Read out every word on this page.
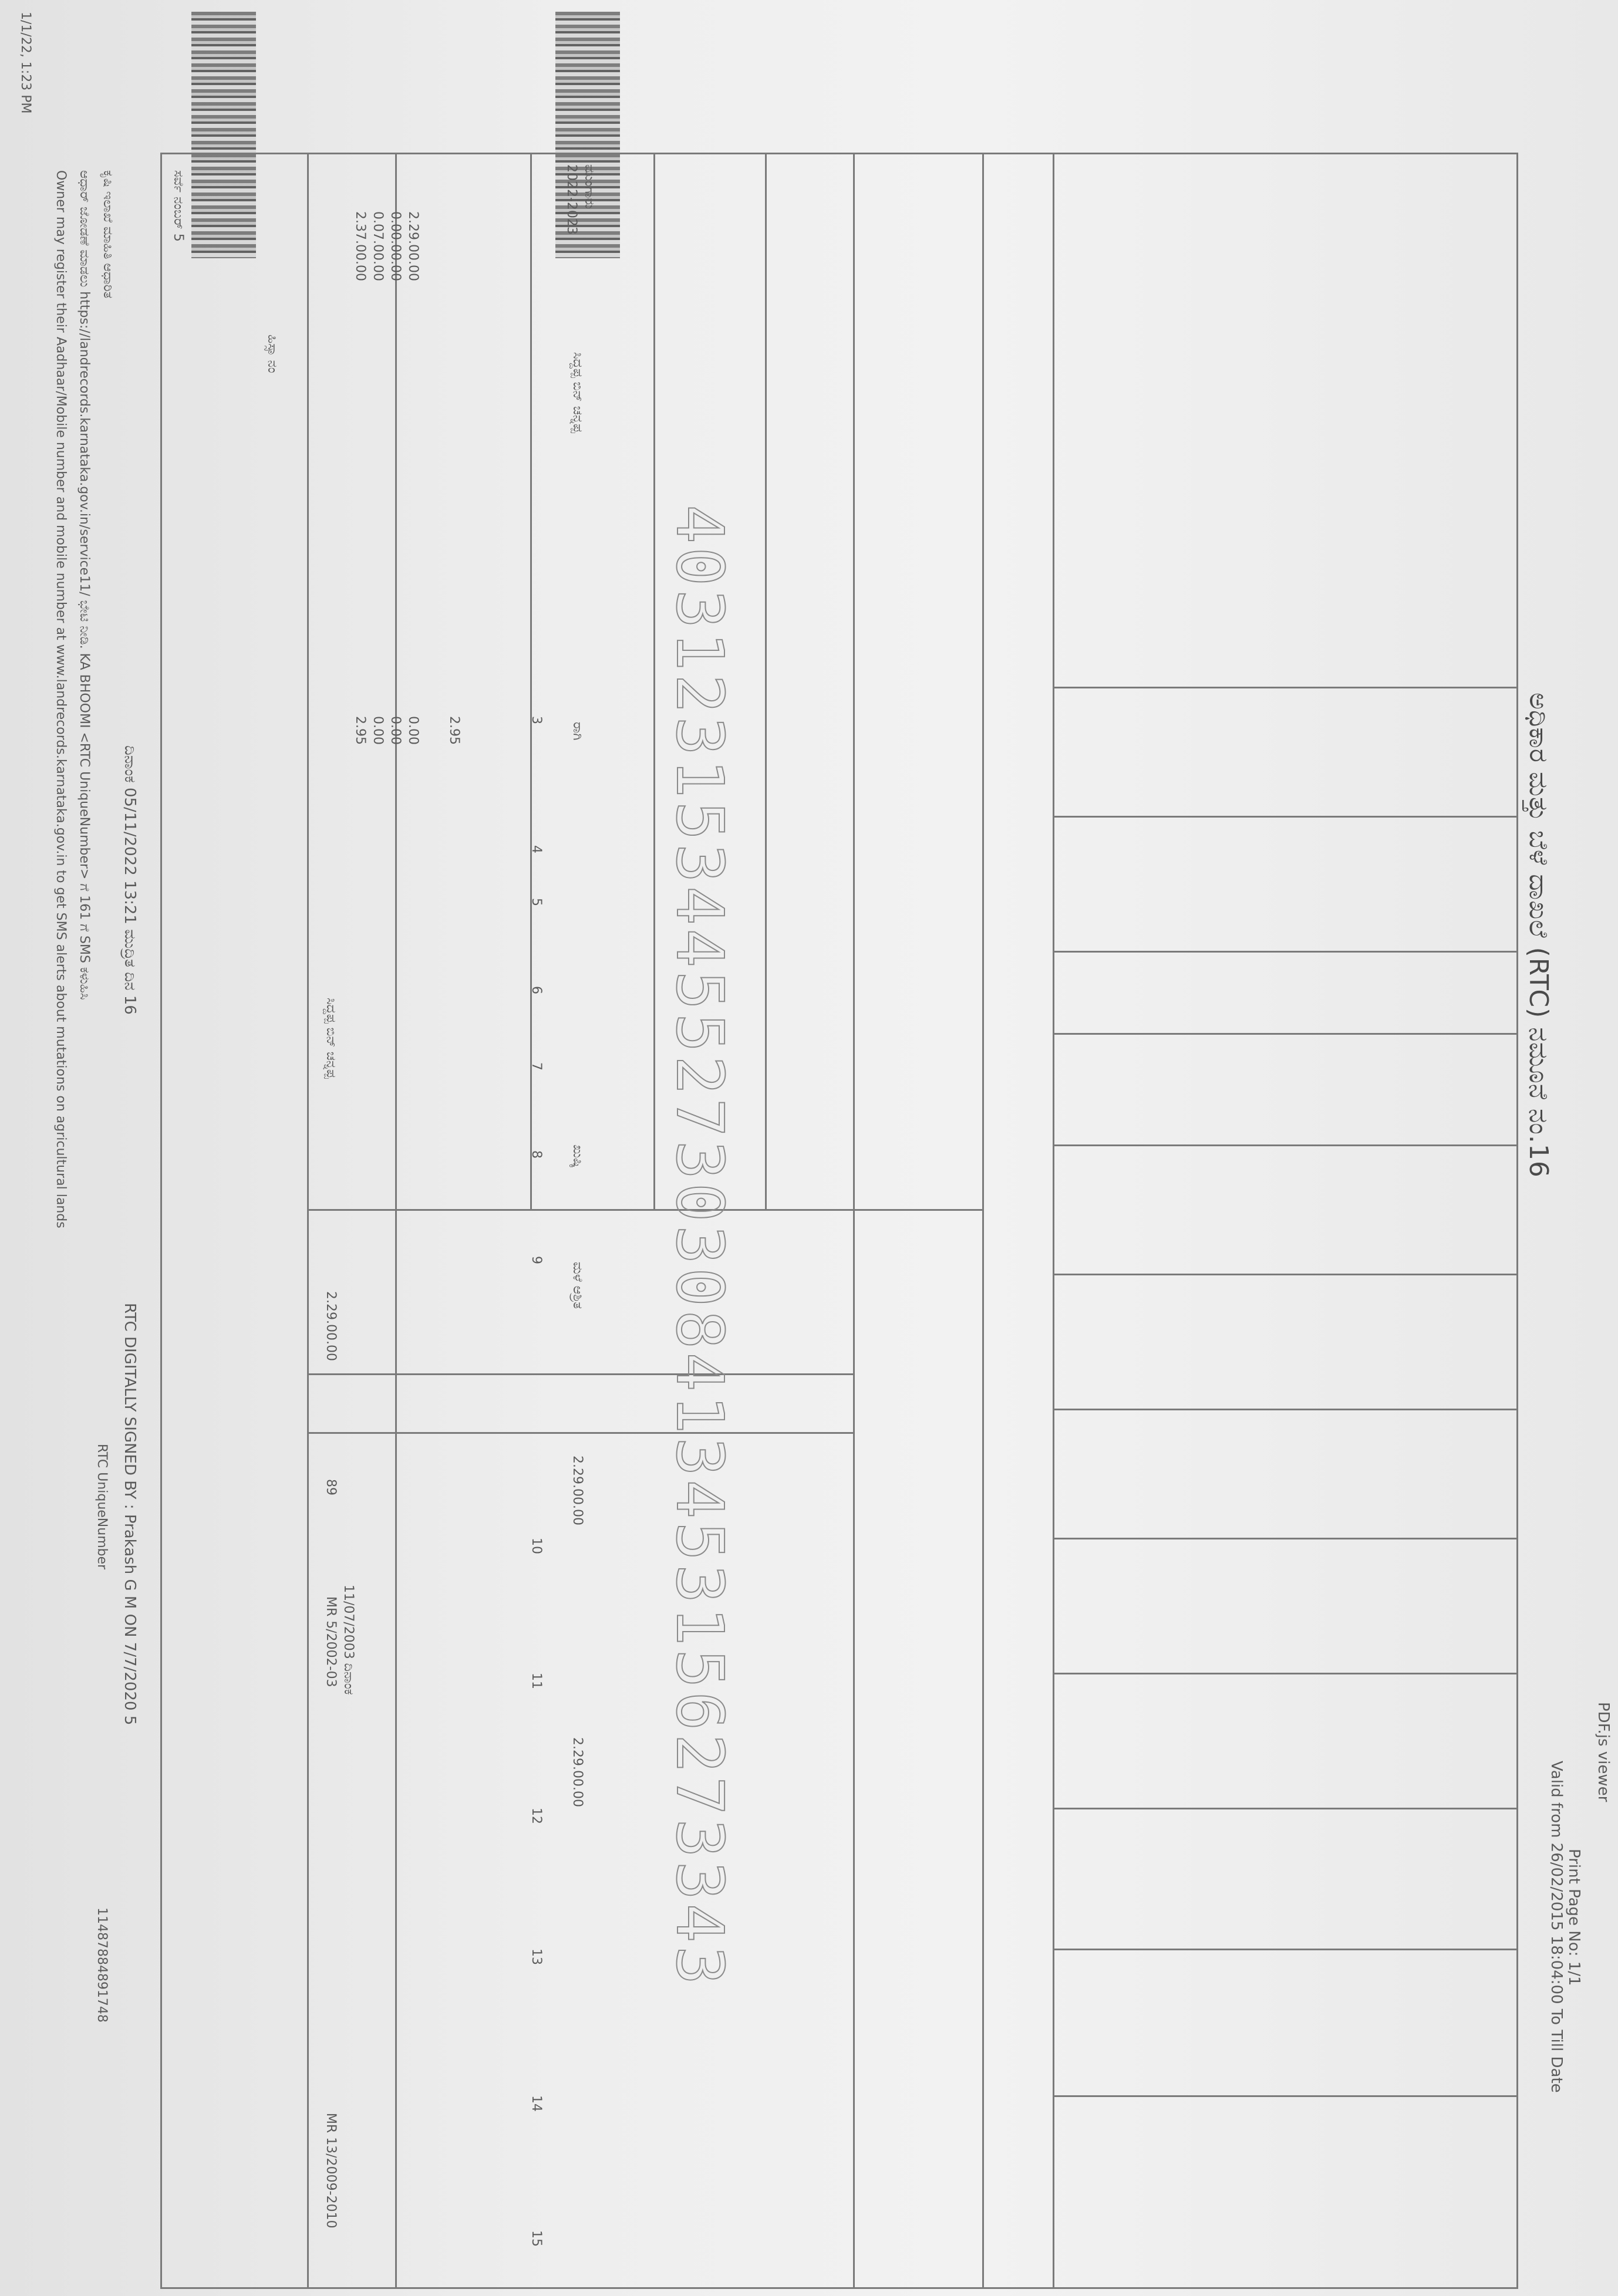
1/1/22, 1:23 PM
PDF.js viewer
ಅಧಿಕಾರ ಮತ್ತು ಬೆಳೆ ದಾಖಲೆ (RTC) ನಮೂನೆ ನಂ.16
Print Page No: 1/1
Valid from 26/02/2015 18:04:00 To Till Date
ಸರ್ವೆ ನಂಬರ್ 5
ಹಿಸ್ಸಾ ನಂ
2.37.00.00 0.07.00.00 0.00.00.00 2.29.00.00
2.95 0.00 0.00 0.00 2.95
ಸಿದ್ದಪ್ಪ ಬಿನ್ ಚನ್ನಪ್ಪ
2.29.00.00
89
MR 5/2002-03 11/07/2003 ದಿನಾಂಕ
MR 13/2009-2010
2022-2023 ಮುಂಗಾರು
ಸಿದ್ದಪ್ಪ ಬಿನ್ ಚನ್ನಪ್ಪ
ರಾಗಿ
ಖುಷ್ಕಿ
ಮಳೆ ಆಶ್ರಿತ
2.29.00.00
2.29.00.00
3
4
5
6
7
8
9
10
11
12
13
14
15
40312315344552730308413453156273343
ಕೃಷಿ ಇಲಾಖೆ ಮಾಹಿತಿ ಆಧಾರಿತ
ಆಧಾರ್ ಜೋಡಣೆ ಮಾಡಲು https://landrecords.karnataka.gov.in/service11/ ಭೇಟಿ ನೀಡಿ. KA BHOOMI <RTC UniqueNumber> ಗೆ 161 ಗೆ SMS ಕಳುಹಿಸಿ
Owner may register their Aadhaar/Mobile number and mobile number at www.landrecords.karnataka.gov.in to get SMS alerts about mutations on agricultural lands	ದಿನಾಂಕ 05/11/2022 13:21 ಮುದ್ರಿತ ದಿನ 16
RTC DIGITALLY SIGNED BY : Prakash G M ON 7/7/2020 5
RTC UniqueNumber
11487884891748
